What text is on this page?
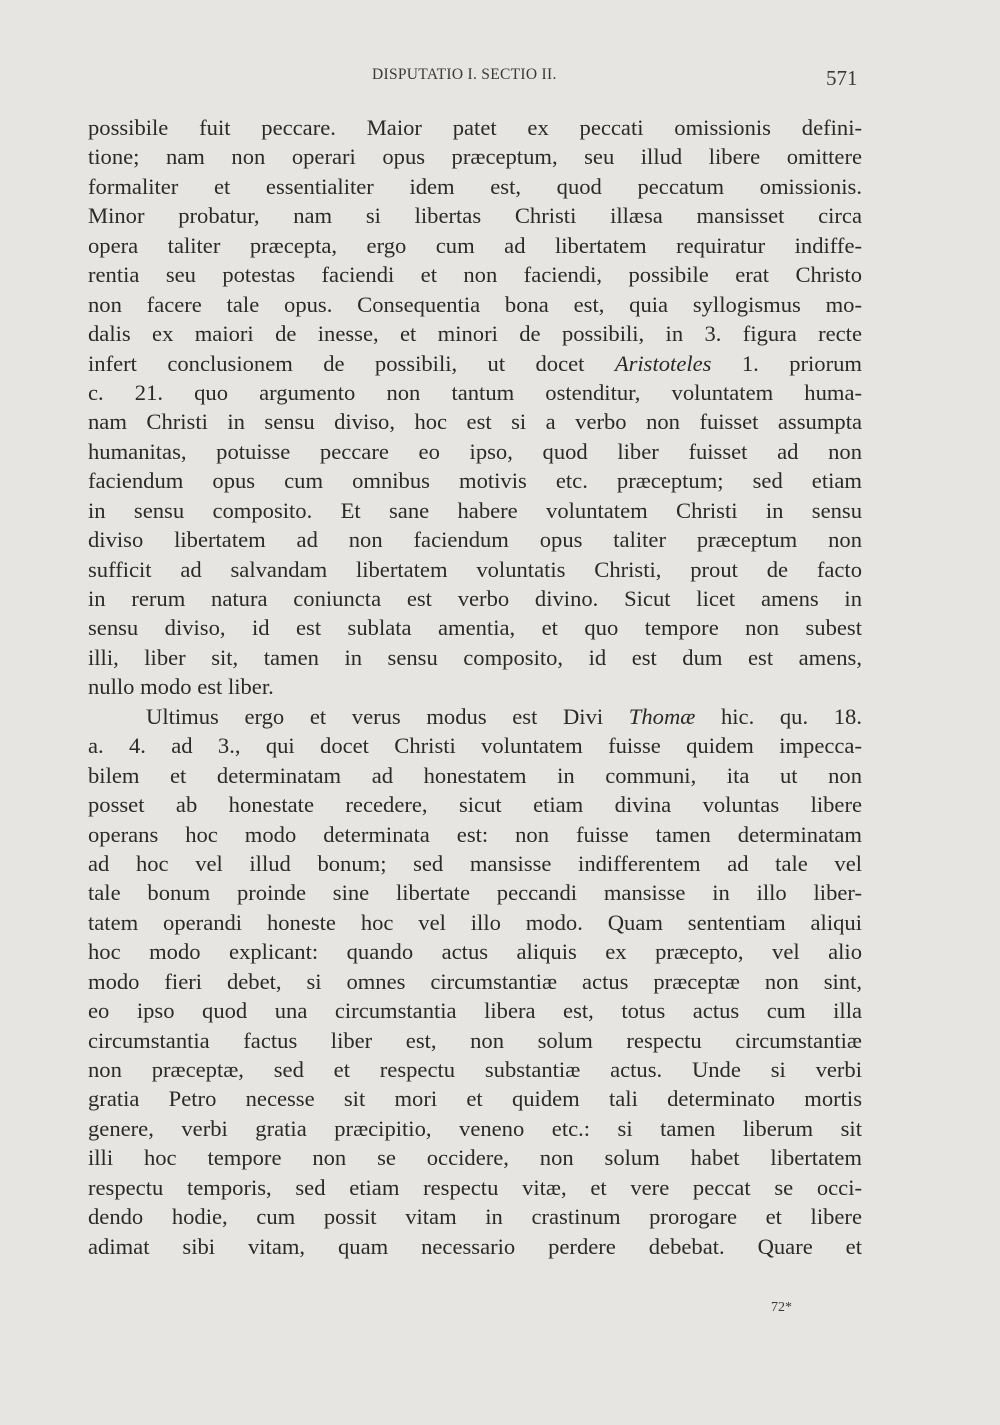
DISPUTATIO I. SECTIO II.	571
possibile fuit peccare. Maior patet ex peccati omissionis defini-
tione; nam non operari opus præceptum, seu illud libere omittere
formaliter et essentialiter idem est, quod peccatum omissionis.
Minor probatur, nam si libertas Christi illæsa mansisset circa
opera taliter præcepta, ergo cum ad libertatem requiratur indiffe-
rentia seu potestas faciendi et non faciendi, possibile erat Christo
non facere tale opus. Consequentia bona est, quia syllogismus mo-
dalis ex maiori de inesse, et minori de possibili, in 3. figura recte
infert conclusionem de possibili, ut docet Aristoteles 1. priorum
c. 21. quo argumento non tantum ostenditur, voluntatem huma-
nam Christi in sensu diviso, hoc est si a verbo non fuisset assumpta
humanitas, potuisse peccare eo ipso, quod liber fuisset ad non
faciendum opus cum omnibus motivis etc. præceptum; sed etiam
in sensu composito. Et sane habere voluntatem Christi in sensu
diviso libertatem ad non faciendum opus taliter præceptum non
sufficit ad salvandam libertatem voluntatis Christi, prout de facto
in rerum natura coniuncta est verbo divino. Sicut licet amens in
sensu diviso, id est sublata amentia, et quo tempore non subest
illi, liber sit, tamen in sensu composito, id est dum est amens,
nullo modo est liber.
Ultimus ergo et verus modus est Divi Thomæ hic. qu. 18.
a. 4. ad 3., qui docet Christi voluntatem fuisse quidem impecca-
bilem et determinatam ad honestatem in communi, ita ut non
posset ab honestate recedere, sicut etiam divina voluntas libere
operans hoc modo determinata est: non fuisse tamen determinatam
ad hoc vel illud bonum; sed mansisse indifferentem ad tale vel
tale bonum proinde sine libertate peccandi mansisse in illo liber-
tatem operandi honeste hoc vel illo modo. Quam sententiam aliqui
hoc modo explicant: quando actus aliquis ex præcepto, vel alio
modo fieri debet, si omnes circumstantiæ actus præceptæ non sint,
eo ipso quod una circumstantia libera est, totus actus cum illa
circumstantia factus liber est, non solum respectu circumstantiæ
non præceptæ, sed et respectu substantiæ actus. Unde si verbi
gratia Petro necesse sit mori et quidem tali determinato mortis
genere, verbi gratia præcipitio, veneno etc.: si tamen liberum sit
illi hoc tempore non se occidere, non solum habet libertatem
respectu temporis, sed etiam respectu vitæ, et vere peccat se occi-
dendo hodie, cum possit vitam in crastinum prorogare et libere
adimat sibi vitam, quam necessario perdere debebat. Quare et
72*
